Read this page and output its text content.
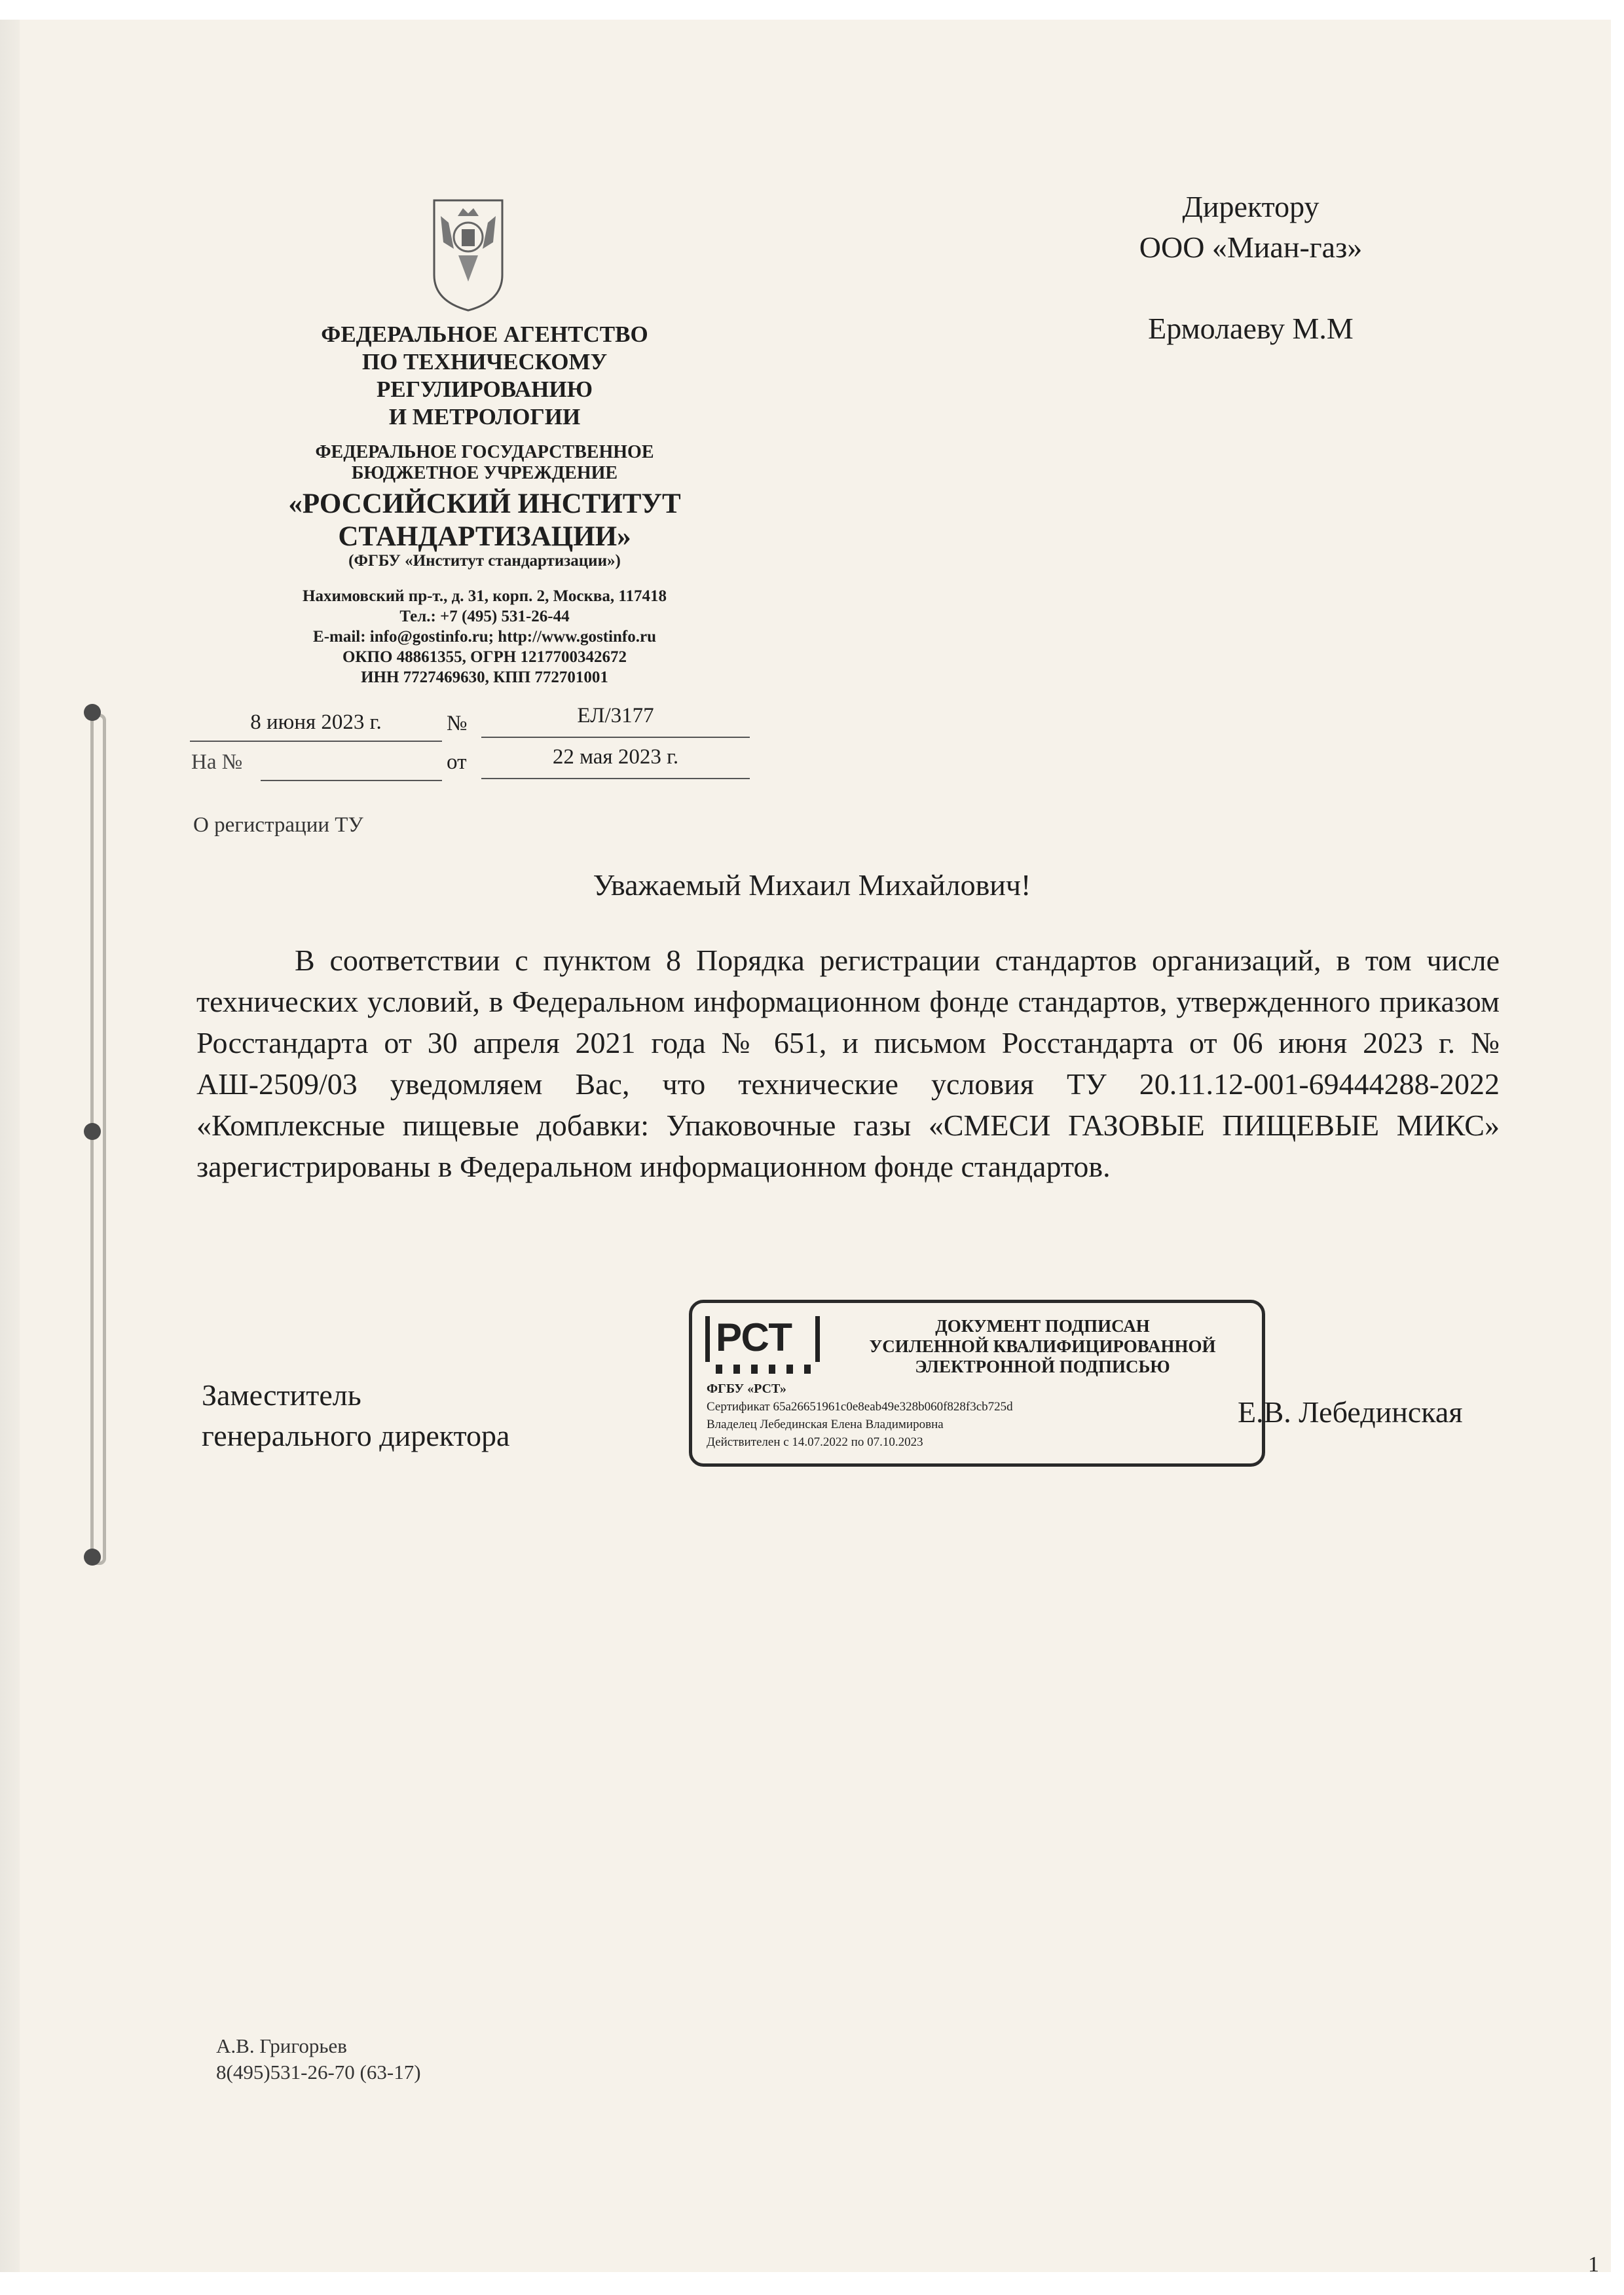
ФЕДЕРАЛЬНОЕ АГЕНТСТВО
ПО ТЕХНИЧЕСКОМУ
РЕГУЛИРОВАНИЮ
И МЕТРОЛОГИИ
ФЕДЕРАЛЬНОЕ ГОСУДАРСТВЕННОЕ
БЮДЖЕТНОЕ УЧРЕЖДЕНИЕ
«РОССИЙСКИЙ ИНСТИТУТ
СТАНДАРТИЗАЦИИ»
(ФГБУ «Институт стандартизации»)
Нахимовский пр-т., д. 31, корп. 2, Москва, 117418
Тел.: +7 (495) 531-26-44
E-mail: info@gostinfo.ru; http://www.gostinfo.ru
ОКПО 48861355, ОГРН 1217700342672
ИНН 7727469630, КПП 772701001
8 июня 2023 г.	№	ЕЛ/3177
На №	от	22 мая 2023 г.
О регистрации ТУ
Директору
ООО «Миан-газ»
Ермолаеву М.М
Уважаемый Михаил Михайлович!

В соответствии с пунктом 8 Порядка регистрации стандартов организаций, в том числе технических условий, в Федеральном информационном фонде стандартов, утвержденного приказом Росстандарта от 30 апреля 2021 года № 651, и письмом Росстандарта от 06 июня 2023 г. № АШ-2509/03 уведомляем Вас, что технические условия ТУ 20.11.12-001-69444288-2022 «Комплексные пищевые добавки: Упаковочные газы «СМЕСИ ГАЗОВЫЕ ПИЩЕВЫЕ МИКС» зарегистрированы в Федеральном информационном фонде стандартов.

Заместитель
генерального директора
РСТ	ДОКУМЕНТ ПОДПИСАН
УСИЛЕННОЙ КВАЛИФИЦИРОВАННОЙ
ЭЛЕКТРОННОЙ ПОДПИСЬЮ
ФГБУ «РСТ»
Сертификат 65a26651961c0e8eab49e328b060f828f3cb725d
Владелец Лебединская Елена Владимировна
Действителен с 14.07.2022 по 07.10.2023
Е.В. Лебединская
А.В. Григорьев
8(495)531-26-70 (63-17)
1
